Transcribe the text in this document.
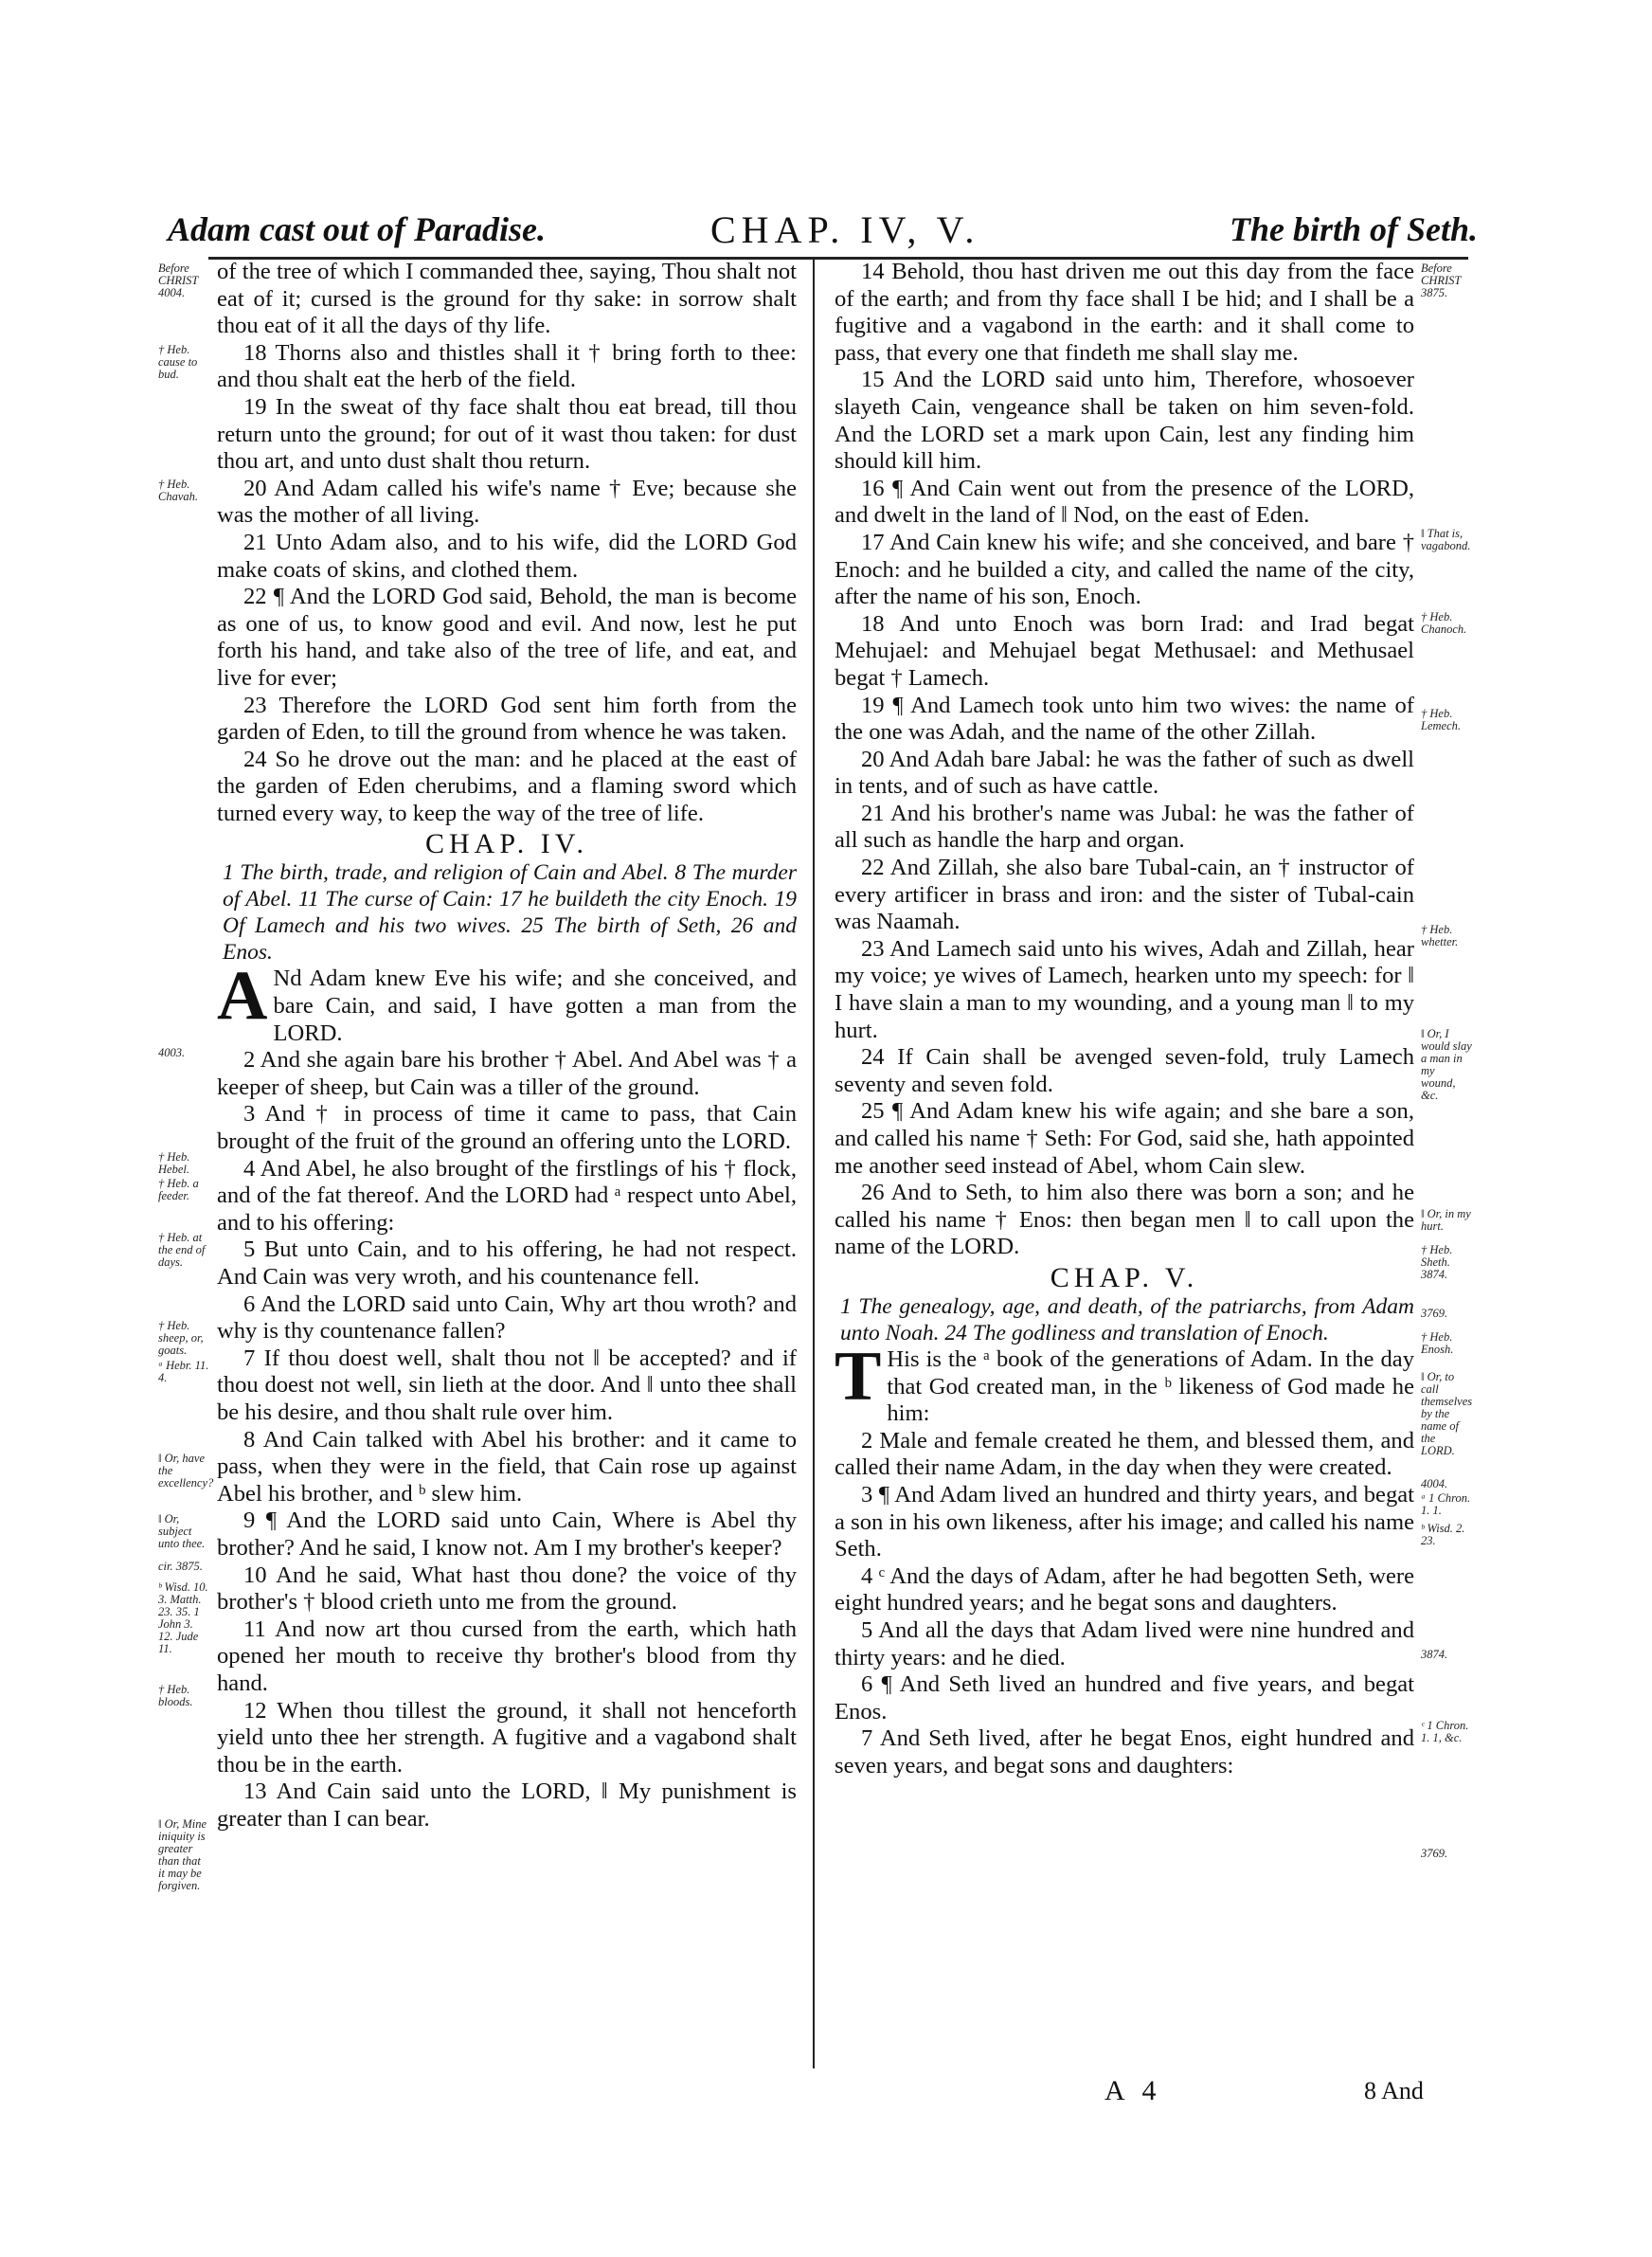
Adam cast out of Paradise.	CHAP. IV, V.	The birth of Seth.
Before CHRIST 4004.
† Heb. cause to bud.
† Heb. Chavah.
4003.
† Heb. Hebel.
† Heb. a feeder.
† Heb. at the end of days.
† Heb. sheep, or, goats.
ᵃ Hebr. 11. 4.
‖ Or, have the excellency?
‖ Or, subject unto thee.
cir. 3875.
ᵇ Wisd. 10. 3. Matth. 23. 35. 1 John 3. 12. Jude 11.
† Heb. bloods.
‖ Or, Mine iniquity is greater than that it may be forgiven.
Before CHRIST 3875.
‖ That is, vagabond.
† Heb. Chanoch.
† Heb. Lemech.
† Heb. whetter.
‖ Or, I would slay a man in my wound, &c.
‖ Or, in my hurt.
† Heb. Sheth. 3874.
3769.
† Heb. Enosh.
‖ Or, to call themselves by the name of the LORD.
4004.
ᵃ 1 Chron. 1. 1.
ᵇ Wisd. 2. 23.
3874.
ᶜ 1 Chron. 1. 1, &c.
3769.

of the tree of which I commanded thee, saying, Thou shalt not eat of it; cursed is the ground for thy sake: in sorrow shalt thou eat of it all the days of thy life.

18 Thorns also and thistles shall it † bring forth to thee: and thou shalt eat the herb of the field.

19 In the sweat of thy face shalt thou eat bread, till thou return unto the ground; for out of it wast thou taken: for dust thou art, and unto dust shalt thou return.

20 And Adam called his wife's name † Eve; because she was the mother of all living.

21 Unto Adam also, and to his wife, did the LORD God make coats of skins, and clothed them.

22 ¶ And the LORD God said, Behold, the man is become as one of us, to know good and evil. And now, lest he put forth his hand, and take also of the tree of life, and eat, and live for ever;

23 Therefore the LORD God sent him forth from the garden of Eden, to till the ground from whence he was taken.

24 So he drove out the man: and he placed at the east of the garden of Eden cherubims, and a flaming sword which turned every way, to keep the way of the tree of life.

CHAP. IV.

1 The birth, trade, and religion of Cain and Abel. 8 The murder of Abel. 11 The curse of Cain: 17 he buildeth the city Enoch. 19 Of Lamech and his two wives. 25 The birth of Seth, 26 and Enos.

A Nd Adam knew Eve his wife; and she conceived, and bare Cain, and said, I have gotten a man from the LORD.

2 And she again bare his brother † Abel. And Abel was † a keeper of sheep, but Cain was a tiller of the ground.

3 And † in process of time it came to pass, that Cain brought of the fruit of the ground an offering unto the LORD.

4 And Abel, he also brought of the firstlings of his † flock, and of the fat thereof. And the LORD had ᵃ respect unto Abel, and to his offering:

5 But unto Cain, and to his offering, he had not respect. And Cain was very wroth, and his countenance fell.

6 And the LORD said unto Cain, Why art thou wroth? and why is thy countenance fallen?

7 If thou doest well, shalt thou not ‖ be accepted? and if thou doest not well, sin lieth at the door. And ‖ unto thee shall be his desire, and thou shalt rule over him.

8 And Cain talked with Abel his brother: and it came to pass, when they were in the field, that Cain rose up against Abel his brother, and ᵇ slew him.

9 ¶ And the LORD said unto Cain, Where is Abel thy brother? And he said, I know not. Am I my brother's keeper?

10 And he said, What hast thou done? the voice of thy brother's † blood crieth unto me from the ground.

11 And now art thou cursed from the earth, which hath opened her mouth to receive thy brother's blood from thy hand.

12 When thou tillest the ground, it shall not henceforth yield unto thee her strength. A fugitive and a vagabond shalt thou be in the earth.

13 And Cain said unto the LORD, ‖ My punishment is greater than I can bear.

14 Behold, thou hast driven me out this day from the face of the earth; and from thy face shall I be hid; and I shall be a fugitive and a vagabond in the earth: and it shall come to pass, that every one that findeth me shall slay me.

15 And the LORD said unto him, Therefore, whosoever slayeth Cain, vengeance shall be taken on him seven-fold. And the LORD set a mark upon Cain, lest any finding him should kill him.

16 ¶ And Cain went out from the presence of the LORD, and dwelt in the land of ‖ Nod, on the east of Eden.

17 And Cain knew his wife; and she conceived, and bare † Enoch: and he builded a city, and called the name of the city, after the name of his son, Enoch.

18 And unto Enoch was born Irad: and Irad begat Mehujael: and Mehujael begat Methusael: and Methusael begat † Lamech.

19 ¶ And Lamech took unto him two wives: the name of the one was Adah, and the name of the other Zillah.

20 And Adah bare Jabal: he was the father of such as dwell in tents, and of such as have cattle.

21 And his brother's name was Jubal: he was the father of all such as handle the harp and organ.

22 And Zillah, she also bare Tubal-cain, an † instructor of every artificer in brass and iron: and the sister of Tubal-cain was Naamah.

23 And Lamech said unto his wives, Adah and Zillah, hear my voice; ye wives of Lamech, hearken unto my speech: for ‖ I have slain a man to my wounding, and a young man ‖ to my hurt.

24 If Cain shall be avenged seven-fold, truly Lamech seventy and seven fold.

25 ¶ And Adam knew his wife again; and she bare a son, and called his name † Seth: For God, said she, hath appointed me another seed instead of Abel, whom Cain slew.

26 And to Seth, to him also there was born a son; and he called his name † Enos: then began men ‖ to call upon the name of the LORD.

CHAP. V.

1 The genealogy, age, and death, of the patriarchs, from Adam unto Noah. 24 The godliness and translation of Enoch.

T His is the ᵃ book of the generations of Adam. In the day that God created man, in the ᵇ likeness of God made he him:

2 Male and female created he them, and blessed them, and called their name Adam, in the day when they were created.

3 ¶ And Adam lived an hundred and thirty years, and begat a son in his own likeness, after his image; and called his name Seth.

4 ᶜ And the days of Adam, after he had begotten Seth, were eight hundred years; and he begat sons and daughters.

5 And all the days that Adam lived were nine hundred and thirty years: and he died.

6 ¶ And Seth lived an hundred and five years, and begat Enos.

7 And Seth lived, after he begat Enos, eight hundred and seven years, and begat sons and daughters:

A 4	8 And
